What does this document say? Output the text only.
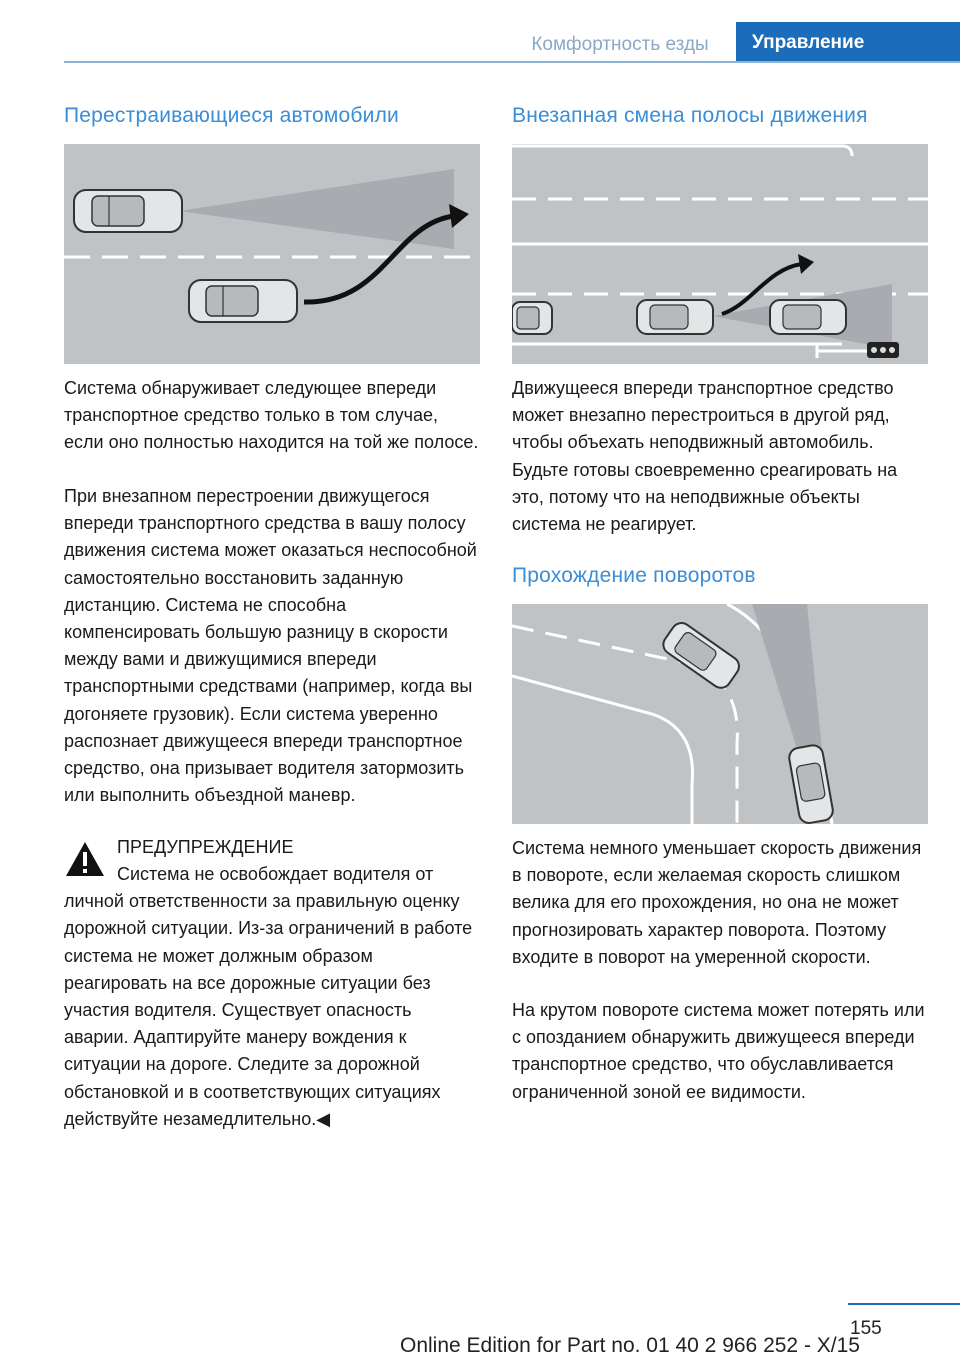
Комфортность езды	Управление
Перестраивающиеся автомобили

Система обнаруживает следующее впереди транспортное средство только в том случае, если оно полностью находится на той же полосе.

При внезапном перестроении движущегося впереди транспортного средства в вашу полосу движения система может оказаться неспособной самостоятельно восстановить заданную дистанцию. Система не способна компенсировать большую разницу в скорости между вами и движущимися впереди транспортными средствами (например, когда вы догоняете грузовик). Если система уверенно распознает движущееся впереди транспортное средство, она призывает водителя затормозить или выполнить объездной маневр.

ПРЕДУПРЕЖДЕНИЕ

Система не освобождает водителя от личной ответственности за правильную оценку дорожной ситуации. Из-за ограничений в работе система не может должным образом реагировать на все дорожные ситуации без участия водителя. Существует опасность аварии. Адаптируйте манеру вождения к ситуации на дороге. Следите за дорожной обстановкой и в соответствующих ситуациях действуйте незамедлительно.◀

Внезапная смена полосы движения

Движущееся впереди транспортное средство может внезапно перестроиться в другой ряд, чтобы объехать неподвижный автомобиль. Будьте готовы своевременно среагировать на это, потому что на неподвижные объекты система не реагирует.

Прохождение поворотов

Система немного уменьшает скорость движения в повороте, если желаемая скорость слишком велика для его прохождения, но она не может прогнозировать характер поворота. Поэтому входите в поворот на умеренной скорости.

На крутом повороте система может потерять или с опозданием обнаружить движущееся впереди транспортное средство, что обуславливается ограниченной зоной ее видимости.

155
Online Edition for Part no. 01 40 2 966 252 - X/15
